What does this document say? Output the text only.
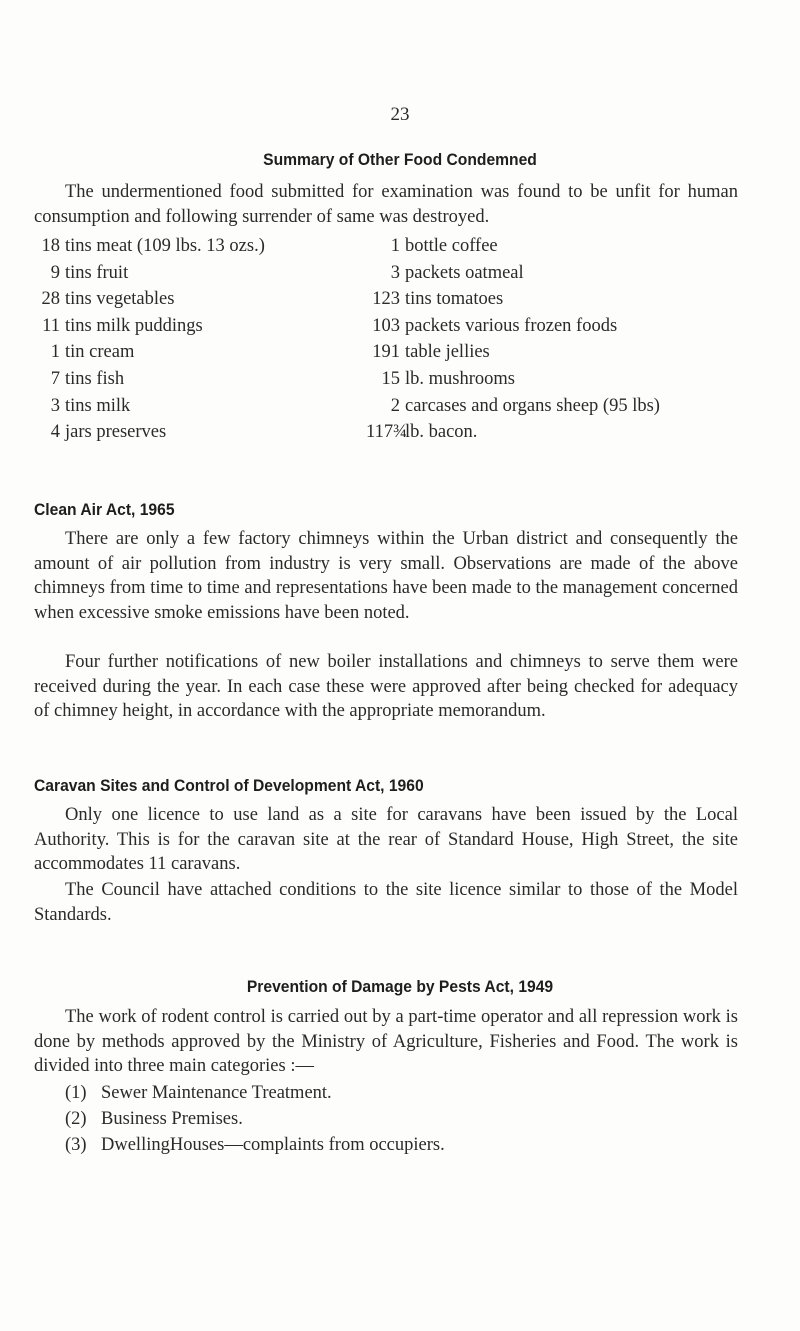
23
Summary of Other Food Condemned

The undermentioned food submitted for examination was found to be unfit for human consumption and following surrender of same was destroyed.

18 tins meat (109 lbs. 13 ozs.)
9 tins fruit
28 tins vegetables
11 tins milk puddings
1 tin cream
7 tins fish
3 tins milk
4 jars preserves
1 bottle coffee
3 packets oatmeal
123 tins tomatoes
103 packets various frozen foods
191 table jellies
15 lb. mushrooms
2 carcases and organs sheep (95 lbs)
117¾lb. bacon.
Clean Air Act, 1965

There are only a few factory chimneys within the Urban district and consequently the amount of air pollution from industry is very small. Observations are made of the above chimneys from time to time and representations have been made to the management concerned when excessive smoke emissions have been noted.

Four further notifications of new boiler installations and chimneys to serve them were received during the year. In each case these were approved after being checked for adequacy of chimney height, in accordance with the appropriate memorandum.

Caravan Sites and Control of Development Act, 1960

Only one licence to use land as a site for caravans have been issued by the Local Authority. This is for the caravan site at the rear of Standard House, High Street, the site accommodates 11 caravans.

The Council have attached conditions to the site licence similar to those of the Model Standards.

Prevention of Damage by Pests Act, 1949

The work of rodent control is carried out by a part-time operator and all repression work is done by methods approved by the Ministry of Agriculture, Fisheries and Food. The work is divided into three main categories :—

(1) Sewer Maintenance Treatment.
(2) Business Premises.
(3) DwellingHouses—complaints from occupiers.
